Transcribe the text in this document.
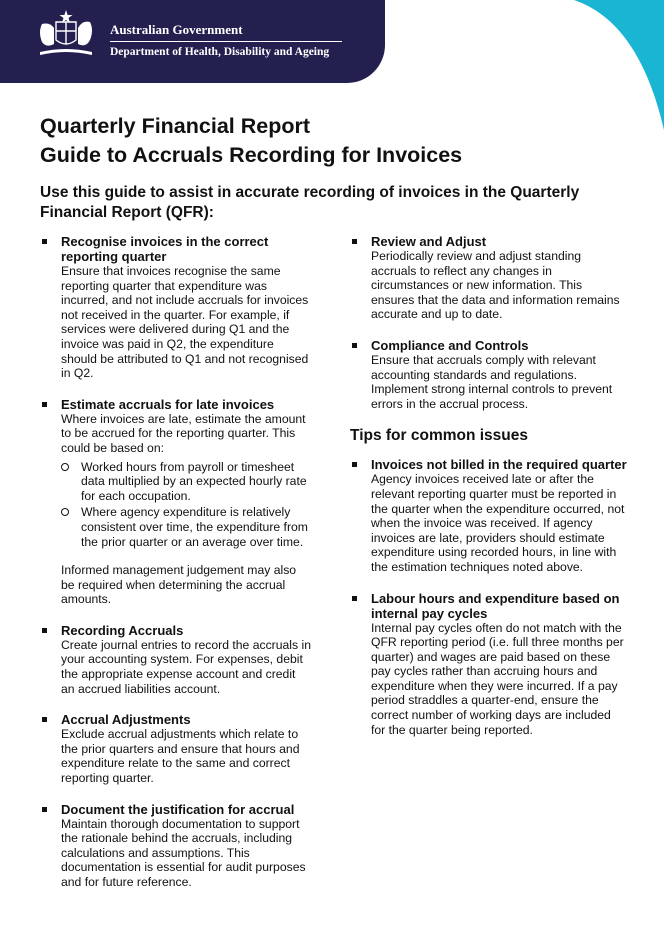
Australian Government
Department of Health, Disability and Ageing
Quarterly Financial Report
Guide to Accruals Recording for Invoices
Use this guide to assist in accurate recording of invoices in the Quarterly Financial Report (QFR):
Recognise invoices in the correct reporting quarter
Ensure that invoices recognise the same reporting quarter that expenditure was incurred, and not include accruals for invoices not received in the quarter. For example, if services were delivered during Q1 and the invoice was paid in Q2, the expenditure should be attributed to Q1 and not recognised in Q2.
Estimate accruals for late invoices
Where invoices are late, estimate the amount to be accrued for the reporting quarter. This could be based on:
Worked hours from payroll or timesheet data multiplied by an expected hourly rate for each occupation.
Where agency expenditure is relatively consistent over time, the expenditure from the prior quarter or an average over time.
Informed management judgement may also be required when determining the accrual amounts.
Recording Accruals
Create journal entries to record the accruals in your accounting system. For expenses, debit the appropriate expense account and credit an accrued liabilities account.
Accrual Adjustments
Exclude accrual adjustments which relate to the prior quarters and ensure that hours and expenditure relate to the same and correct reporting quarter.
Document the justification for accrual
Maintain thorough documentation to support the rationale behind the accruals, including calculations and assumptions. This documentation is essential for audit purposes and for future reference.
Review and Adjust
Periodically review and adjust standing accruals to reflect any changes in circumstances or new information. This ensures that the data and information remains accurate and up to date.
Compliance and Controls
Ensure that accruals comply with relevant accounting standards and regulations. Implement strong internal controls to prevent errors in the accrual process.
Tips for common issues
Invoices not billed in the required quarter
Agency invoices received late or after the relevant reporting quarter must be reported in the quarter when the expenditure occurred, not when the invoice was received. If agency invoices are late, providers should estimate expenditure using recorded hours, in line with the estimation techniques noted above.
Labour hours and expenditure based on internal pay cycles
Internal pay cycles often do not match with the QFR reporting period (i.e. full three months per quarter) and wages are paid based on these pay cycles rather than accruing hours and expenditure when they were incurred. If a pay period straddles a quarter-end, ensure the correct number of working days are included for the quarter being reported.
